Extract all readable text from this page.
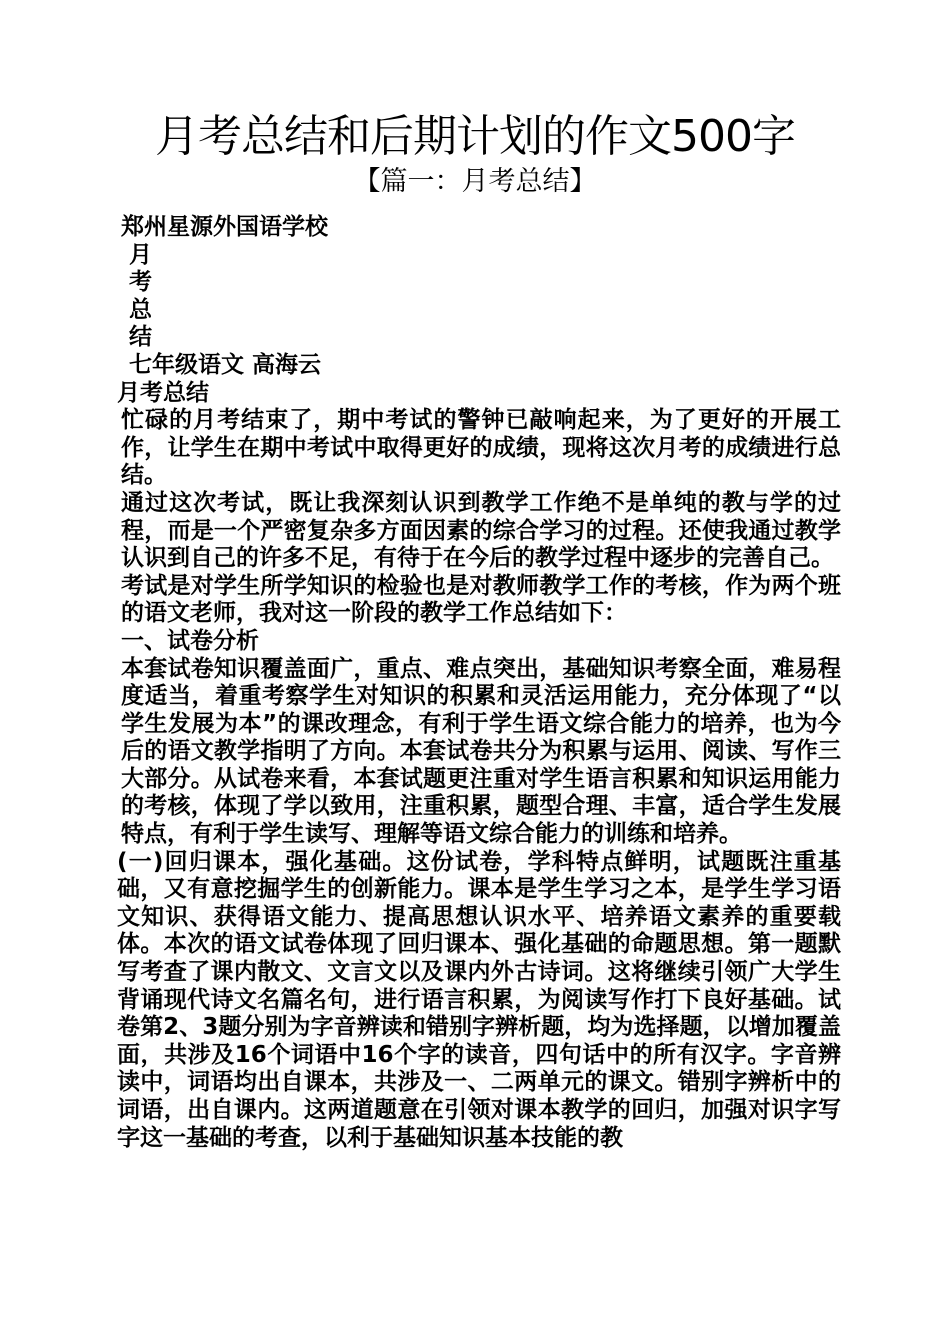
月考总结和后期计划的作文500字
【篇一：月考总结】
郑州星源外国语学校
月
考
总
结
七年级语文 高海云
月考总结

忙碌的月考结束了，期中考试的警钟已敲响起来，为了更好的开展工作，让学生在期中考试中取得更好的成绩，现将这次月考的成绩进行总结。

通过这次考试，既让我深刻认识到教学工作绝不是单纯的教与学的过程，而是一个严密复杂多方面因素的综合学习的过程。还使我通过教学认识到自己的许多不足，有待于在今后的教学过程中逐步的完善自己。

考试是对学生所学知识的检验也是对教师教学工作的考核，作为两个班的语文老师，我对这一阶段的教学工作总结如下：

一、试卷分析

本套试卷知识覆盖面广，重点、难点突出，基础知识考察全面，难易程度适当，着重考察学生对知识的积累和灵活运用能力，充分体现了“以学生发展为本”的课改理念，有利于学生语文综合能力的培养，也为今后的语文教学指明了方向。本套试卷共分为积累与运用、阅读、写作三大部分。从试卷来看，本套试题更注重对学生语言积累和知识运用能力的考核，体现了学以致用，注重积累，题型合理、丰富，适合学生发展特点，有利于学生读写、理解等语文综合能力的训练和培养。

(一)回归课本，强化基础。这份试卷，学科特点鲜明，试题既注重基础，又有意挖掘学生的创新能力。课本是学生学习之本，是学生学习语文知识、获得语文能力、提高思想认识水平、培养语文素养的重要载体。本次的语文试卷体现了回归课本、强化基础的命题思想。第一题默写考查了课内散文、文言文以及课内外古诗词。这将继续引领广大学生背诵现代诗文名篇名句，进行语言积累，为阅读写作打下良好基础。试卷第2、3题分别为字音辨读和错别字辨析题，均为选择题，以增加覆盖面，共涉及16个词语中16个字的读音，四句话中的所有汉字。字音辨读中，词语均出自课本，共涉及一、二两单元的课文。错别字辨析中的词语，出自课内。这两道题意在引领对课本教学的回归，加强对识字写字这一基础的考查，以利于基础知识基本技能的教
